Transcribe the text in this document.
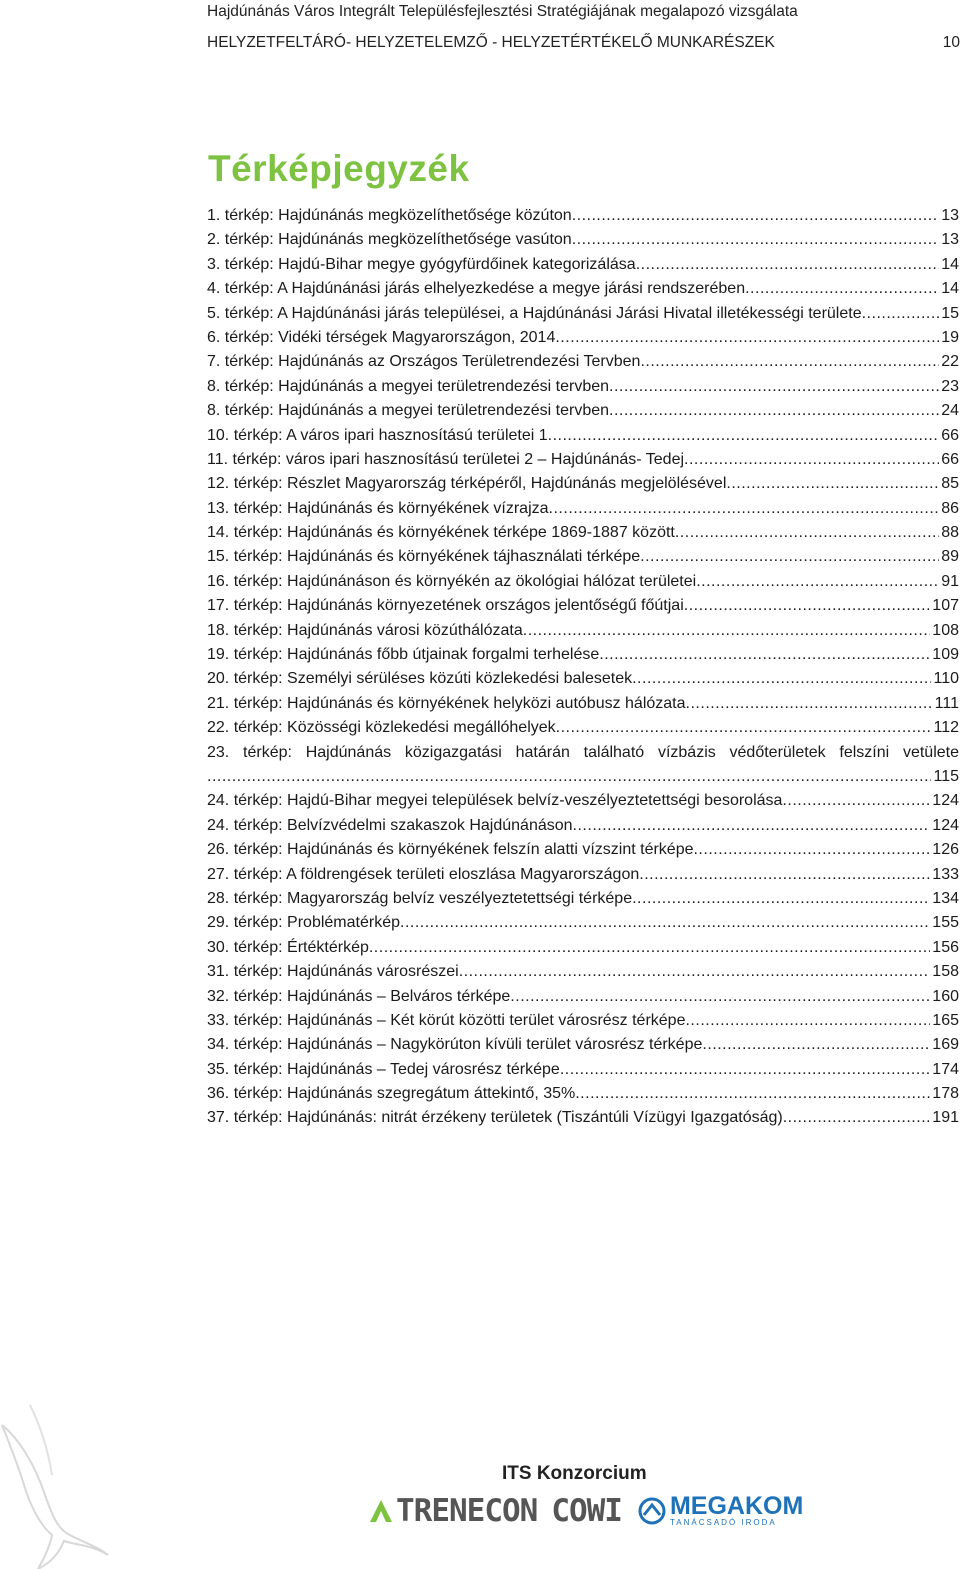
Hajdúnánás Város Integrált Településfejlesztési Stratégiájának megalapozó vizsgálata
HELYZETFELTÁRÓ- HELYZETELEMZŐ - HELYZETÉRTÉKELŐ MUNKARÉSZEK	10
Térképjegyzék
1. térkép: Hajdúnánás megközelíthetősége közúton .....	13
2. térkép: Hajdúnánás megközelíthetősége vasúton .....	13
3. térkép: Hajdú-Bihar megye gyógyfürdőinek kategorizálása .....	14
4. térkép: A Hajdúnánási járás elhelyezkedése a megye járási rendszerében .....	14
5. térkép: A Hajdúnánási járás települései, a Hajdúnánási Járási Hivatal illetékességi területe .....	15
6. térkép: Vidéki térségek Magyarországon, 2014 .....	19
7. térkép: Hajdúnánás az Országos Területrendezési Tervben .....	22
8. térkép: Hajdúnánás a megyei területrendezési tervben .....	23
8. térkép: Hajdúnánás a megyei területrendezési tervben .....	24
10. térkép: A város ipari hasznosítású területei 1 .....	66
11. térkép: város ipari hasznosítású területei 2 – Hajdúnánás- Tedej .....	66
12. térkép: Részlet Magyarország térképéről, Hajdúnánás megjelölésével .....	85
13. térkép: Hajdúnánás és környékének vízrajza .....	86
14. térkép: Hajdúnánás és környékének térképe 1869-1887 között .....	88
15. térkép: Hajdúnánás és környékének tájhasználati térképe .....	89
16. térkép: Hajdúnánáson és környékén az ökológiai hálózat területei .....	91
17. térkép: Hajdúnánás környezetének országos jelentőségű főútjai .....	107
18. térkép: Hajdúnánás városi közúthálózata .....	108
19. térkép: Hajdúnánás főbb útjainak forgalmi terhelése .....	109
20. térkép: Személyi sérüléses közúti közlekedési balesetek .....	110
21. térkép: Hajdúnánás és környékének helyközi autóbusz hálózata .....	111
22. térkép: Közösségi közlekedési megállóhelyek .....	112
23. térkép: Hajdúnánás közigazgatási határán található vízbázis védőterületek felszíni vetülete
.....
115
24. térkép: Hajdú-Bihar megyei települések belvíz-veszélyeztetettségi besorolása .....	124
24. térkép: Belvízvédelmi szakaszok Hajdúnánáson .....	124
26. térkép: Hajdúnánás és környékének felszín alatti vízszint térképe .....	126
27. térkép: A földrengések területi eloszlása Magyarországon .....	133
28. térkép: Magyarország belvíz veszélyeztetettségi térképe .....	134
29. térkép: Problématérkép .....	155
30. térkép: Értéktérkép .....	156
31. térkép: Hajdúnánás városrészei .....	158
32. térkép: Hajdúnánás – Belváros térképe .....	160
33. térkép: Hajdúnánás – Két körút közötti terület városrész térképe .....	165
34. térkép: Hajdúnánás – Nagykörúton kívüli terület városrész térképe .....	169
35. térkép: Hajdúnánás – Tedej városrész térképe .....	174
36. térkép: Hajdúnánás szegregátum áttekintő, 35% .....	178
37. térkép: Hajdúnánás: nitrát érzékeny területek (Tiszántúli Vízügyi Igazgatóság) .....	191
ITS Konzorcium
TRENECON COWI MEGAKOM
TANÁCSADÓ IRODA
